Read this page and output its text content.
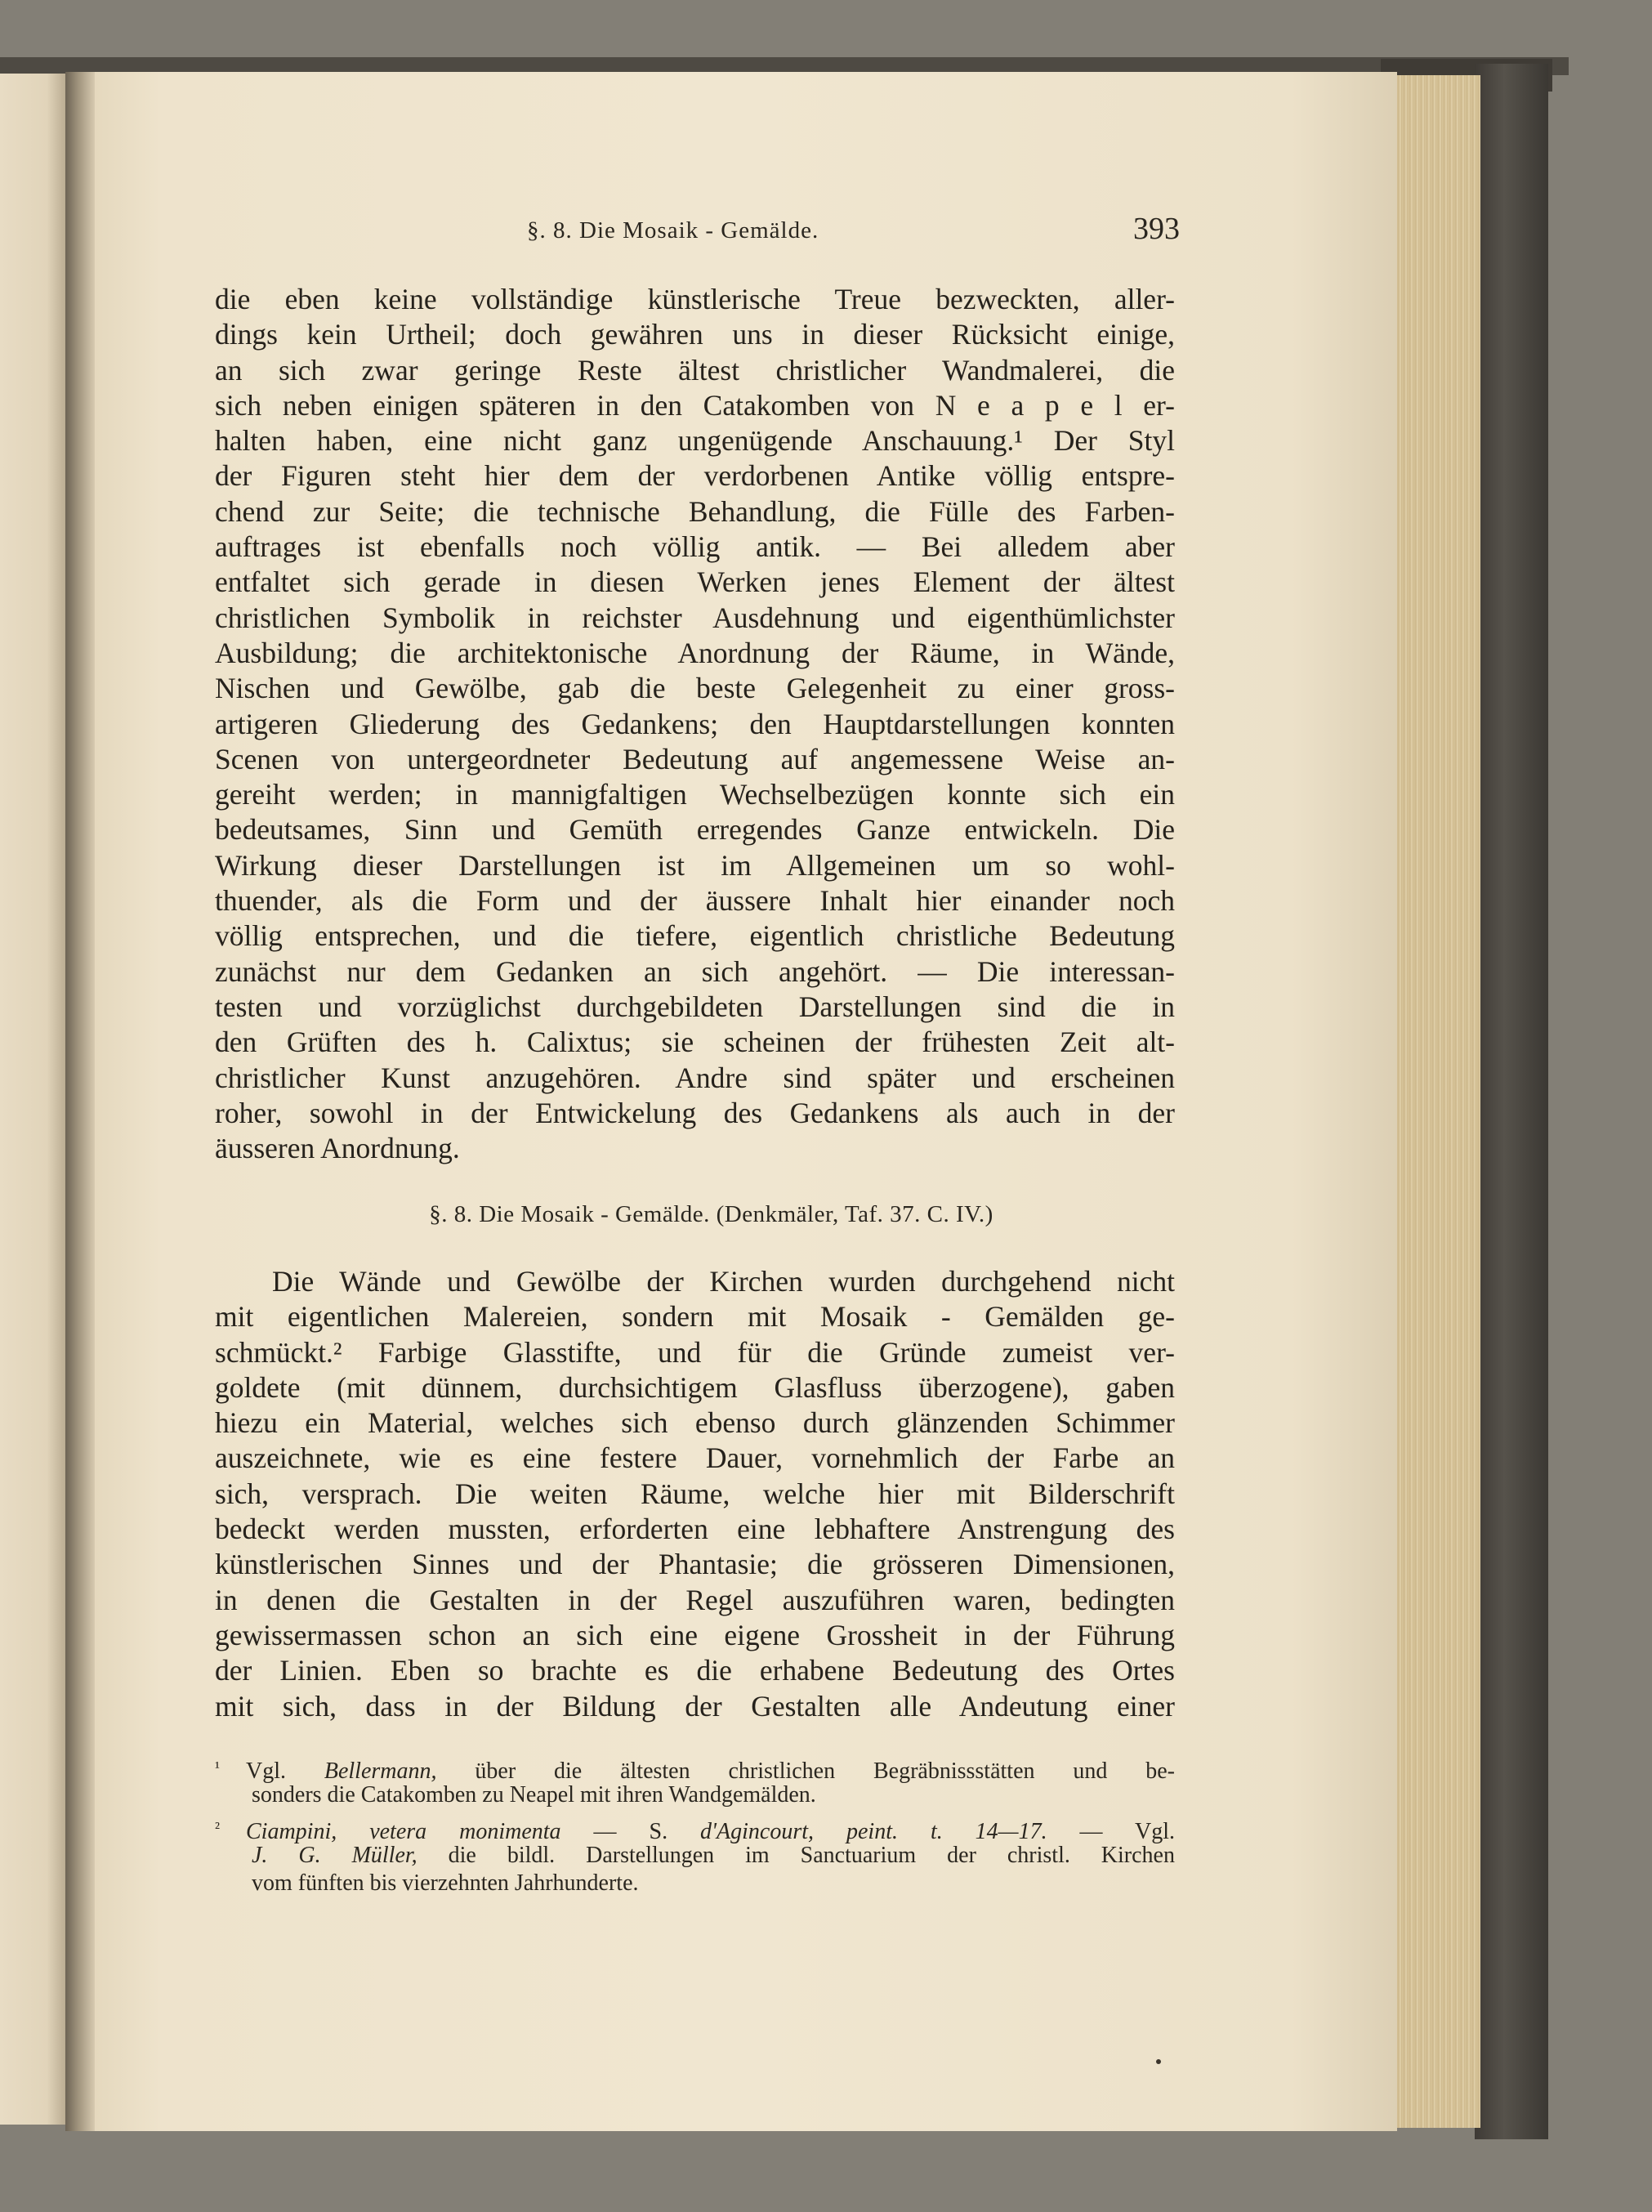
§. 8. Die Mosaik - Gemälde.	393
die eben keine vollständige künstlerische Treue bezweckten, aller-
dings kein Urtheil; doch gewähren uns in dieser Rücksicht einige,
an sich zwar geringe Reste ältest christlicher Wandmalerei, die
sich neben einigen späteren in den Catakomben von N e a p e l er-
halten haben, eine nicht ganz ungenügende Anschauung.¹ Der Styl
der Figuren steht hier dem der verdorbenen Antike völlig entspre-
chend zur Seite; die technische Behandlung, die Fülle des Farben-
auftrages ist ebenfalls noch völlig antik. — Bei alledem aber
entfaltet sich gerade in diesen Werken jenes Element der ältest
christlichen Symbolik in reichster Ausdehnung und eigenthümlichster
Ausbildung; die architektonische Anordnung der Räume, in Wände,
Nischen und Gewölbe, gab die beste Gelegenheit zu einer gross-
artigeren Gliederung des Gedankens; den Hauptdarstellungen konnten
Scenen von untergeordneter Bedeutung auf angemessene Weise an-
gereiht werden; in mannigfaltigen Wechselbezügen konnte sich ein
bedeutsames, Sinn und Gemüth erregendes Ganze entwickeln. Die
Wirkung dieser Darstellungen ist im Allgemeinen um so wohl-
thuender, als die Form und der äussere Inhalt hier einander noch
völlig entsprechen, und die tiefere, eigentlich christliche Bedeutung
zunächst nur dem Gedanken an sich angehört. — Die interessan-
testen und vorzüglichst durchgebildeten Darstellungen sind die in
den Grüften des h. Calixtus; sie scheinen der frühesten Zeit alt-
christlicher Kunst anzugehören. Andre sind später und erscheinen
roher, sowohl in der Entwickelung des Gedankens als auch in der
äusseren Anordnung.
§. 8. Die Mosaik - Gemälde. (Denkmäler, Taf. 37. C. IV.)
Die Wände und Gewölbe der Kirchen wurden durchgehend nicht
mit eigentlichen Malereien, sondern mit Mosaik - Gemälden ge-
schmückt.² Farbige Glasstifte, und für die Gründe zumeist ver-
goldete (mit dünnem, durchsichtigem Glasfluss überzogene), gaben
hiezu ein Material, welches sich ebenso durch glänzenden Schimmer
auszeichnete, wie es eine festere Dauer, vornehmlich der Farbe an
sich, versprach. Die weiten Räume, welche hier mit Bilderschrift
bedeckt werden mussten, erforderten eine lebhaftere Anstrengung des
künstlerischen Sinnes und der Phantasie; die grösseren Dimensionen,
in denen die Gestalten in der Regel auszuführen waren, bedingten
gewissermassen schon an sich eine eigene Grossheit in der Führung
der Linien. Eben so brachte es die erhabene Bedeutung des Ortes
mit sich, dass in der Bildung der Gestalten alle Andeutung einer
¹ Vgl. Bellermann, über die ältesten christlichen Begräbnissstätten und be-
sonders die Catakomben zu Neapel mit ihren Wandgemälden.
² Ciampini, vetera monimenta — S. d'Agincourt, peint. t. 14—17. — Vgl.
J. G. Müller, die bildl. Darstellungen im Sanctuarium der christl. Kirchen
vom fünften bis vierzehnten Jahrhunderte.
